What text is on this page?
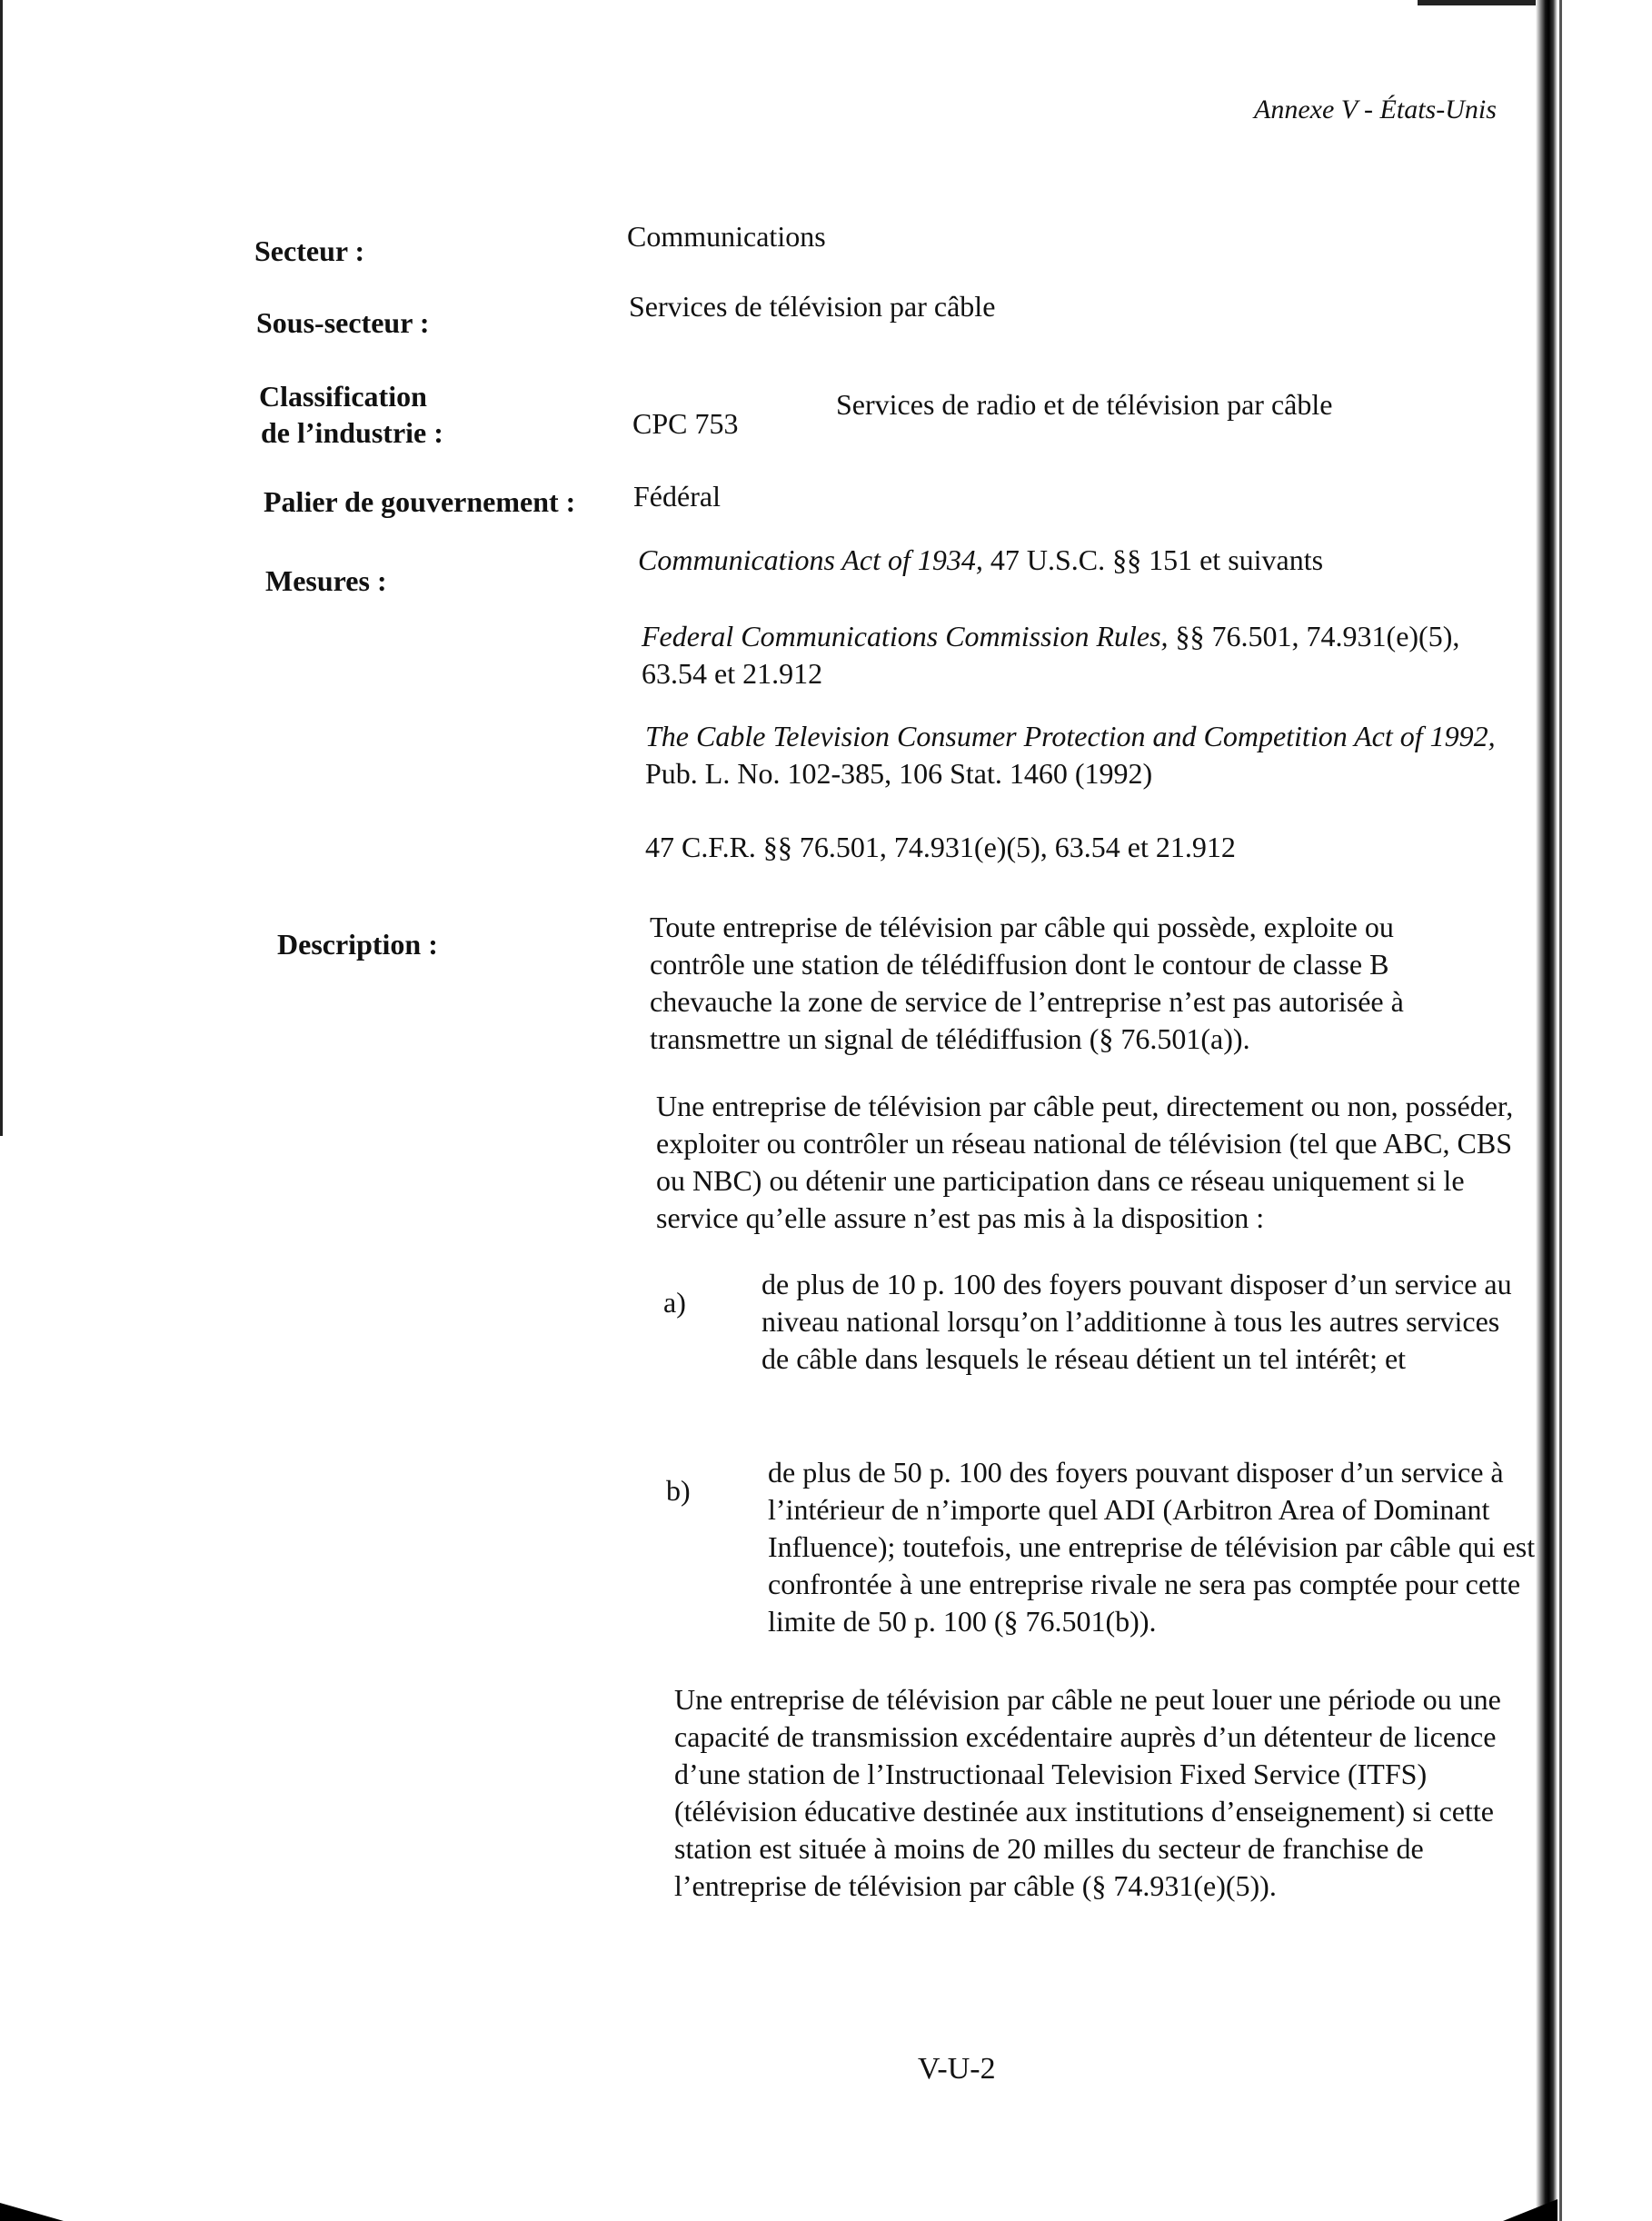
Annexe V - États-Unis
Secteur :	Communications
Sous-secteur :	Services de télévision par câble
Classification
de l’industrie :	CPC 753
Services de radio et de télévision par câble
Palier de gouvernement : Fédéral
Mesures :
Communications Act of 1934, 47 U.S.C. §§ 151 et suivants
Federal Communications Commission Rules, §§ 76.501, 74.931(e)(5), 63.54 et 21.912
The Cable Television Consumer Protection and Competition Act of 1992, Pub. L. No. 102-385, 106 Stat. 1460 (1992)
47 C.F.R. §§ 76.501, 74.931(e)(5), 63.54 et 21.912
Description :

Toute entreprise de télévision par câble qui possède, exploite ou contrôle une station de télédiffusion dont le contour de classe B chevauche la zone de service de l’entreprise n’est pas autorisée à transmettre un signal de télédiffusion (§ 76.501(a)).

Une entreprise de télévision par câble peut, directement ou non, posséder, exploiter ou contrôler un réseau national de télévision (tel que ABC, CBS ou NBC) ou détenir une participation dans ce réseau uniquement si le service qu’elle assure n’est pas mis à la disposition :

a)

de plus de 10 p. 100 des foyers pouvant disposer d’un service au niveau national lorsqu’on l’additionne à tous les autres services de câble dans lesquels le réseau détient un tel intérêt; et

b)

de plus de 50 p. 100 des foyers pouvant disposer d’un service à l’intérieur de n’importe quel ADI (Arbitron Area of Dominant Influence); toutefois, une entreprise de télévision par câble qui est confrontée à une entreprise rivale ne sera pas comptée pour cette limite de 50 p. 100 (§ 76.501(b)).

Une entreprise de télévision par câble ne peut louer une période ou une capacité de transmission excédentaire auprès d’un détenteur de licence d’une station de l’Instructionaal Television Fixed Service (ITFS) (télévision éducative destinée aux institutions d’enseignement) si cette station est située à moins de 20 milles du secteur de franchise de l’entreprise de télévision par câble (§ 74.931(e)(5)).

V-U-2
